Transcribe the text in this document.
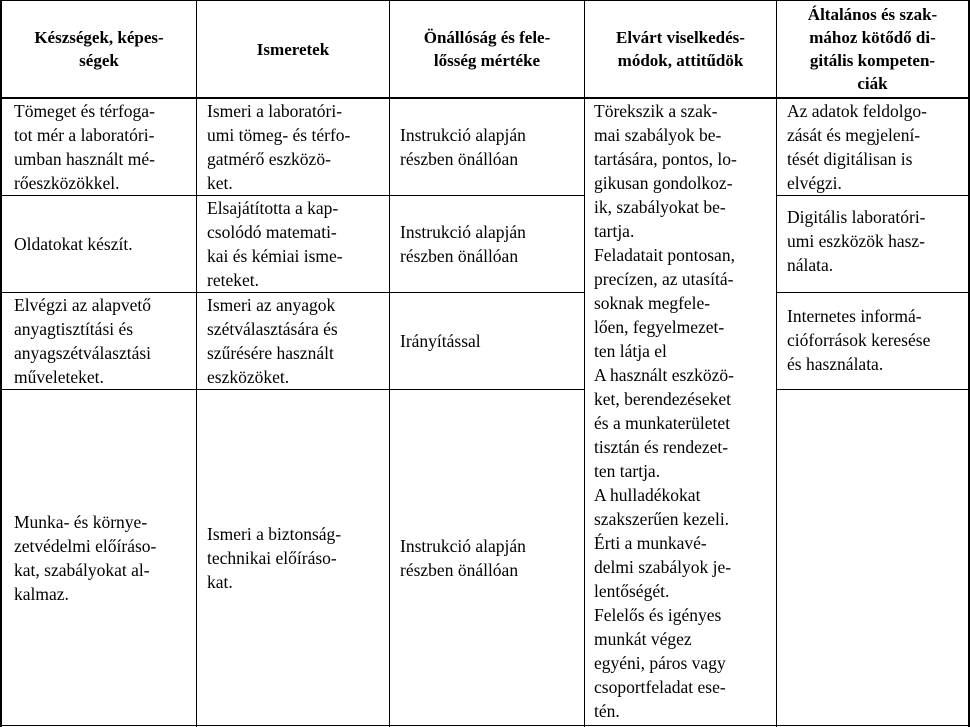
Készségek, képes-
ségek
Ismeretek
Önállóság és fele-
lősség mértéke
Elvárt viselkedés-
módok, attitűdök
Általános és szak-
mához kötődő di-
gitális kompeten-
ciák
Tömeget és térfoga-
tot mér a laboratóri-
umban használt mé-
rőeszközökkel.
Oldatokat készít.
Elvégzi az alapvető
anyagtisztítási és
anyagszétválasztási
műveleteket.
Munka- és környe-
zetvédelmi előíráso-
kat, szabályokat al-
kalmaz.
Ismeri a laboratóri-
umi tömeg- és térfo-
gatmérő eszközö-
ket.
Elsajátította a kap-
csolódó matemati-
kai és kémiai isme-
reteket.
Ismeri az anyagok
szétválasztására és
szűrésére használt
eszközöket.
Ismeri a biztonság-
technikai előíráso-
kat.
Instrukció alapján
részben önállóan
Instrukció alapján
részben önállóan
Irányítással
Instrukció alapján
részben önállóan
Törekszik a szak-
mai szabályok be-
tartására, pontos, lo-
gikusan gondolkoz-
ik, szabályokat be-
tartja.
Feladatait pontosan,
precízen, az utasítá-
soknak megfele-
lően, fegyelmezet-
ten látja el
A használt eszközö-
ket, berendezéseket
és a munkaterületet
tisztán és rendezet-
ten tartja.
A hulladékokat
szakszerűen kezeli.
Érti a munkavé-
delmi szabályok je-
lentőségét.
Felelős és igényes
munkát végez
egyéni, páros vagy
csoportfeladat ese-
tén.
Az adatok feldolgo-
zását és megjelení-
tését digitálisan is
elvégzi.
Digitális laboratóri-
umi eszközök hasz-
nálata.
Internetes informá-
cióforrások keresése
és használata.
